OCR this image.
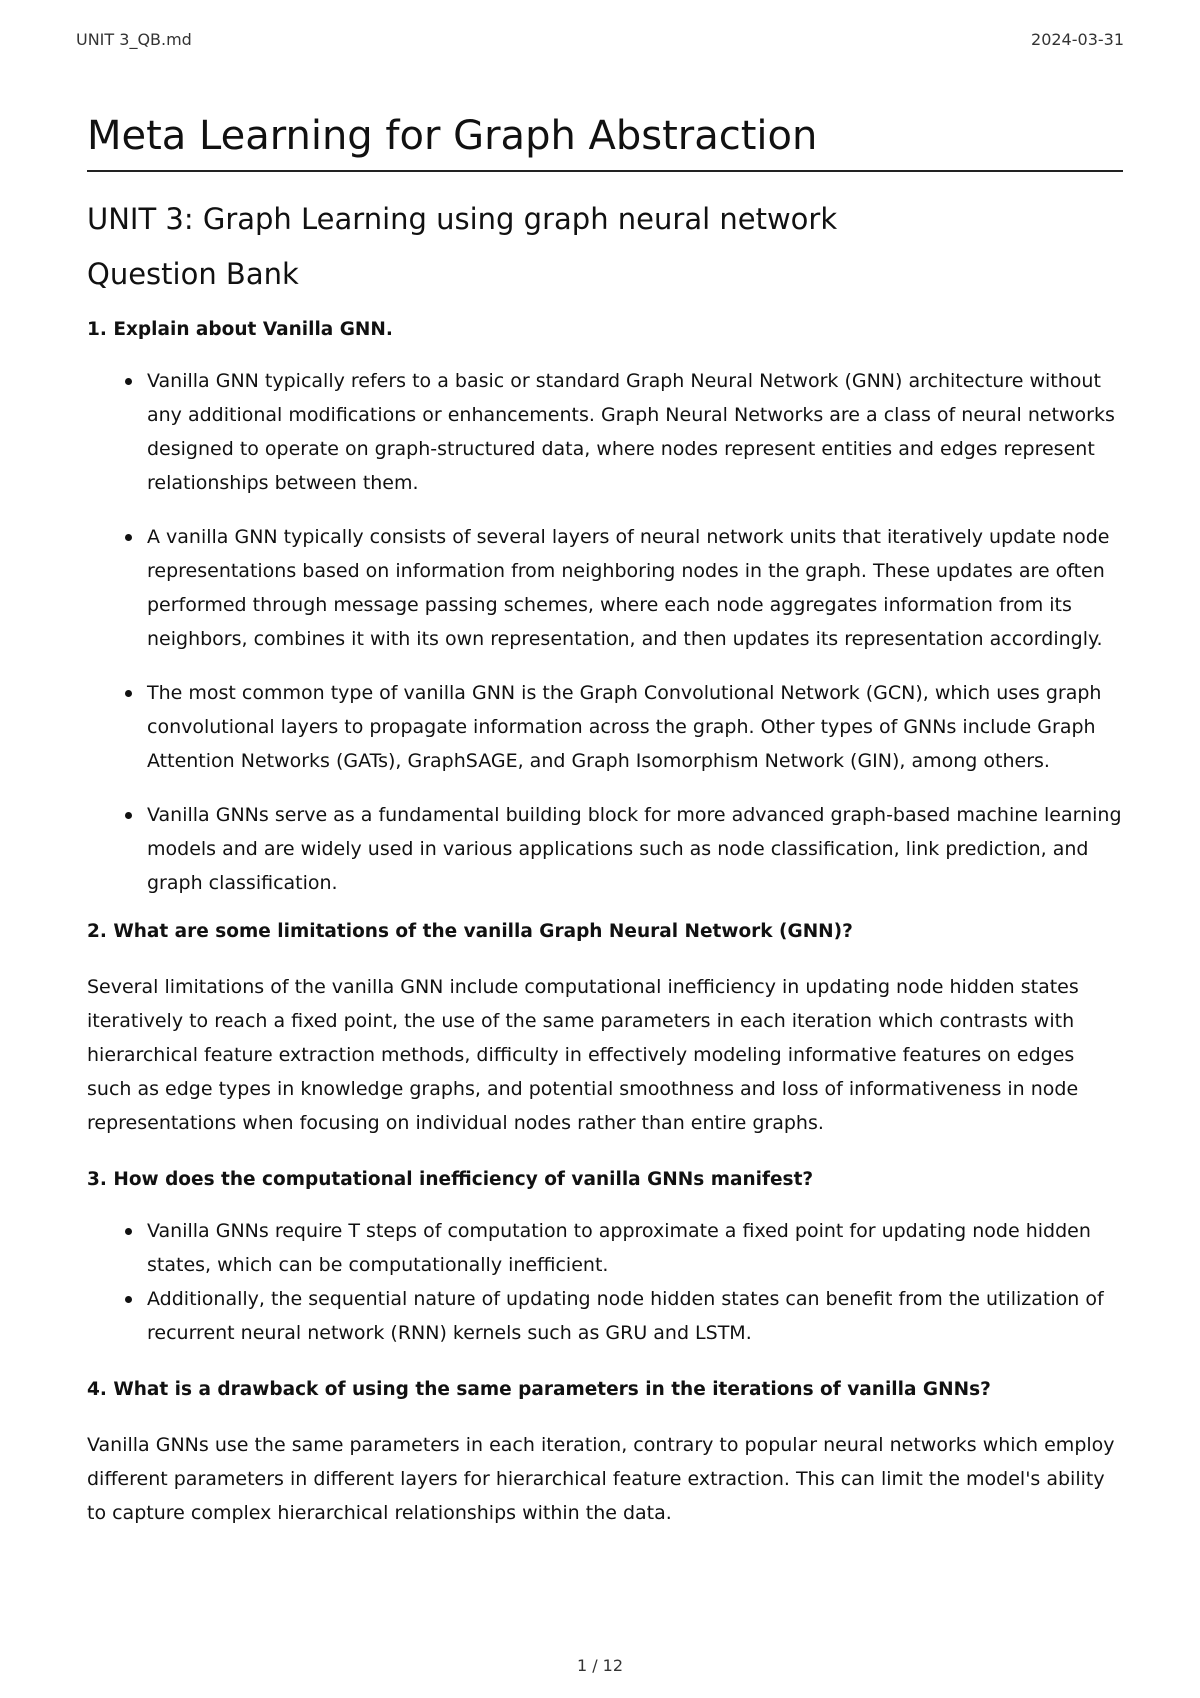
UNIT 3_QB.md	2024-03-31
Meta Learning for Graph Abstraction
UNIT 3: Graph Learning using graph neural network
Question Bank
1. Explain about Vanilla GNN.
Vanilla GNN typically refers to a basic or standard Graph Neural Network (GNN) architecture without any additional modifications or enhancements. Graph Neural Networks are a class of neural networks designed to operate on graph-structured data, where nodes represent entities and edges represent relationships between them.
A vanilla GNN typically consists of several layers of neural network units that iteratively update node representations based on information from neighboring nodes in the graph. These updates are often performed through message passing schemes, where each node aggregates information from its neighbors, combines it with its own representation, and then updates its representation accordingly.
The most common type of vanilla GNN is the Graph Convolutional Network (GCN), which uses graph convolutional layers to propagate information across the graph. Other types of GNNs include Graph Attention Networks (GATs), GraphSAGE, and Graph Isomorphism Network (GIN), among others.
Vanilla GNNs serve as a fundamental building block for more advanced graph-based machine learning models and are widely used in various applications such as node classification, link prediction, and graph classification.
2. What are some limitations of the vanilla Graph Neural Network (GNN)?

Several limitations of the vanilla GNN include computational inefficiency in updating node hidden states iteratively to reach a fixed point, the use of the same parameters in each iteration which contrasts with hierarchical feature extraction methods, difficulty in effectively modeling informative features on edges such as edge types in knowledge graphs, and potential smoothness and loss of informativeness in node representations when focusing on individual nodes rather than entire graphs.

3. How does the computational inefficiency of vanilla GNNs manifest?
Vanilla GNNs require T steps of computation to approximate a fixed point for updating node hidden states, which can be computationally inefficient.
Additionally, the sequential nature of updating node hidden states can benefit from the utilization of recurrent neural network (RNN) kernels such as GRU and LSTM.
4. What is a drawback of using the same parameters in the iterations of vanilla GNNs?

Vanilla GNNs use the same parameters in each iteration, contrary to popular neural networks which employ different parameters in different layers for hierarchical feature extraction. This can limit the model's ability to capture complex hierarchical relationships within the data.

1 / 12
